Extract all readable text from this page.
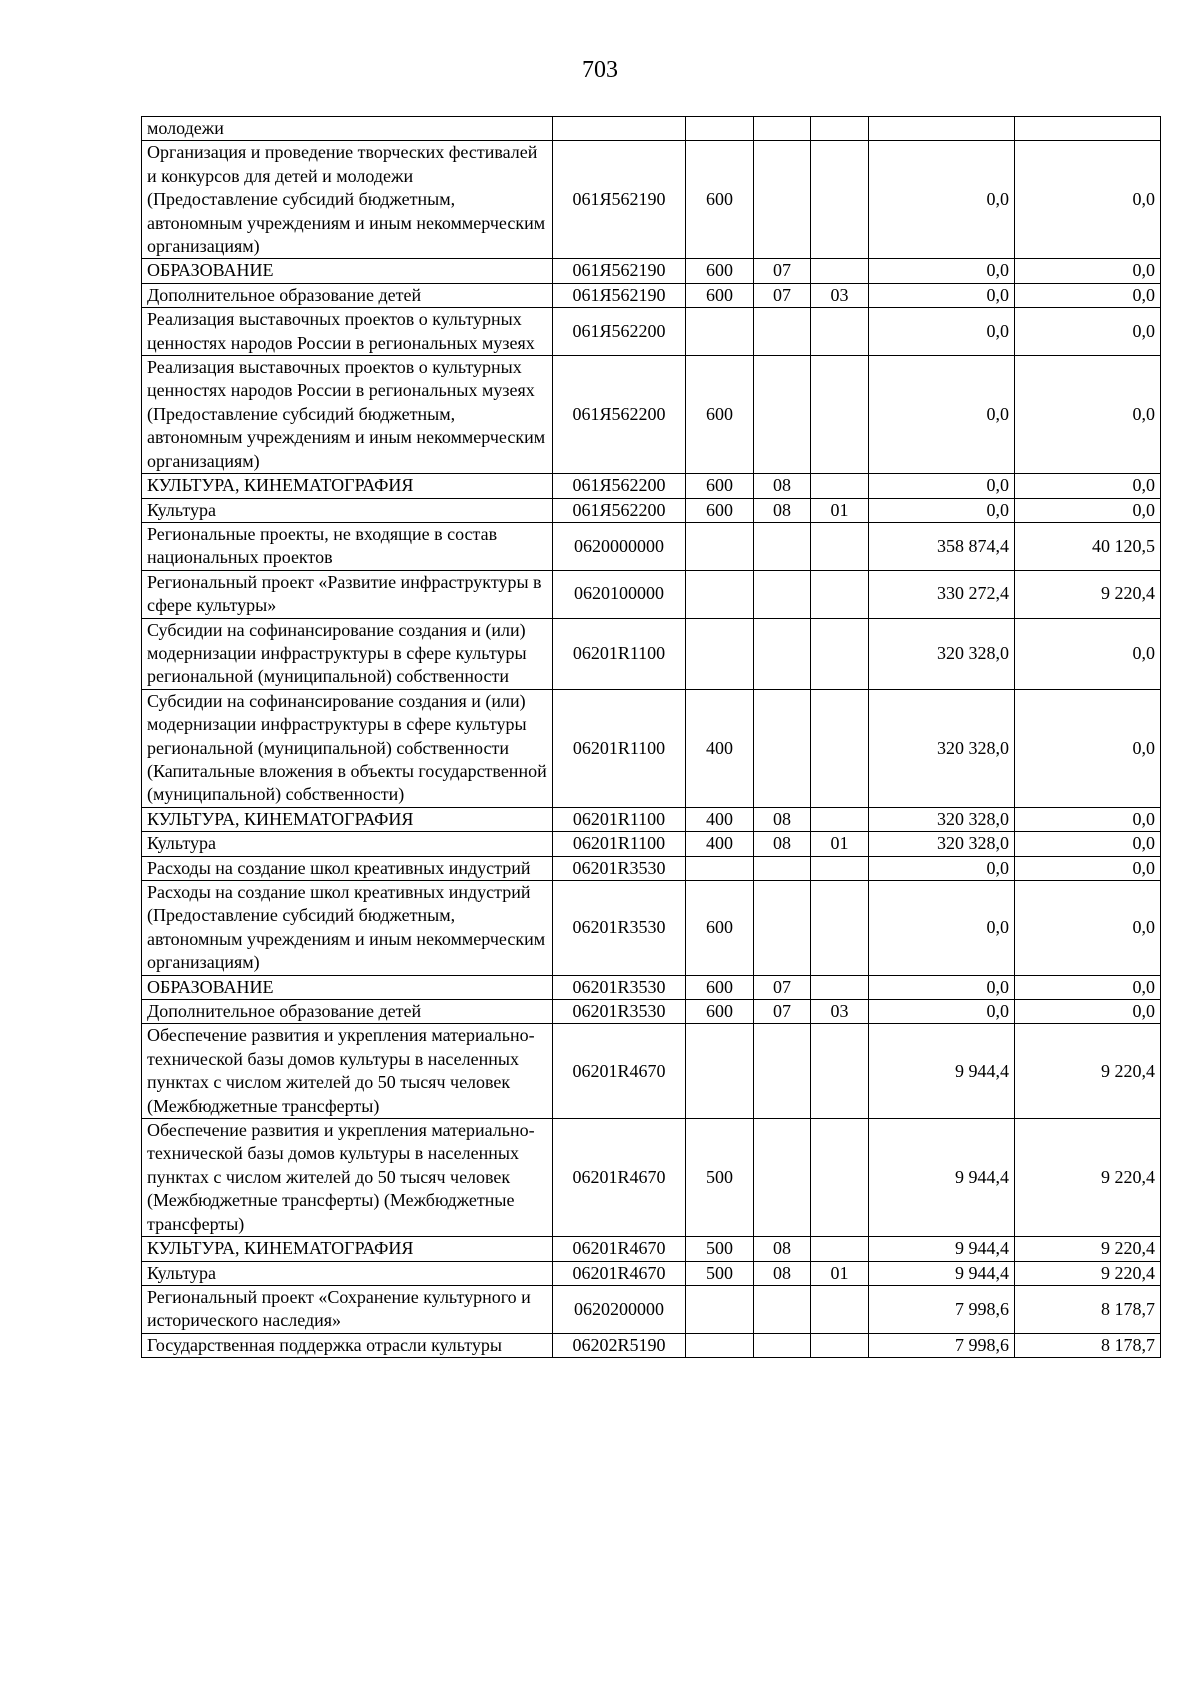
703
молодежи						
Организация и проведение творческих фестивалей и конкурсов для детей и молодежи (Предоставление субсидий бюджетным, автономным учреждениям и иным некоммерческим организациям)	061Я562190	600			0,0	0,0
ОБРАЗОВАНИЕ	061Я562190	600	07		0,0	0,0
Дополнительное образование детей	061Я562190	600	07	03	0,0	0,0
Реализация выставочных проектов о культурных ценностях народов России в региональных музеях	061Я562200				0,0	0,0
Реализация выставочных проектов о культурных ценностях народов России в региональных музеях (Предоставление субсидий бюджетным, автономным учреждениям и иным некоммерческим организациям)	061Я562200	600			0,0	0,0
КУЛЬТУРА, КИНЕМАТОГРАФИЯ	061Я562200	600	08		0,0	0,0
Культура	061Я562200	600	08	01	0,0	0,0
Региональные проекты, не входящие в состав национальных проектов	0620000000				358 874,4	40 120,5
Региональный проект «Развитие инфраструктуры в сфере культуры»	0620100000				330 272,4	9 220,4
Субсидии на софинансирование создания и (или) модернизации инфраструктуры в сфере культуры региональной (муниципальной) собственности	06201R1100				320 328,0	0,0
Субсидии на софинансирование создания и (или) модернизации инфраструктуры в сфере культуры региональной (муниципальной) собственности (Капитальные вложения в объекты государственной (муниципальной) собственности)	06201R1100	400			320 328,0	0,0
КУЛЬТУРА, КИНЕМАТОГРАФИЯ	06201R1100	400	08		320 328,0	0,0
Культура	06201R1100	400	08	01	320 328,0	0,0
Расходы на создание школ креативных индустрий	06201R3530				0,0	0,0
Расходы на создание школ креативных индустрий (Предоставление субсидий бюджетным, автономным учреждениям и иным некоммерческим организациям)	06201R3530	600			0,0	0,0
ОБРАЗОВАНИЕ	06201R3530	600	07		0,0	0,0
Дополнительное образование детей	06201R3530	600	07	03	0,0	0,0
Обеспечение развития и укрепления материально-технической базы домов культуры в населенных пунктах с числом жителей до 50 тысяч человек (Межбюджетные трансферты)	06201R4670				9 944,4	9 220,4
Обеспечение развития и укрепления материально-технической базы домов культуры в населенных пунктах с числом жителей до 50 тысяч человек (Межбюджетные трансферты) (Межбюджетные трансферты)	06201R4670	500			9 944,4	9 220,4
КУЛЬТУРА, КИНЕМАТОГРАФИЯ	06201R4670	500	08		9 944,4	9 220,4
Культура	06201R4670	500	08	01	9 944,4	9 220,4
Региональный проект «Сохранение культурного и исторического наследия»	0620200000				7 998,6	8 178,7
Государственная поддержка отрасли культуры	06202R5190				7 998,6	8 178,7
